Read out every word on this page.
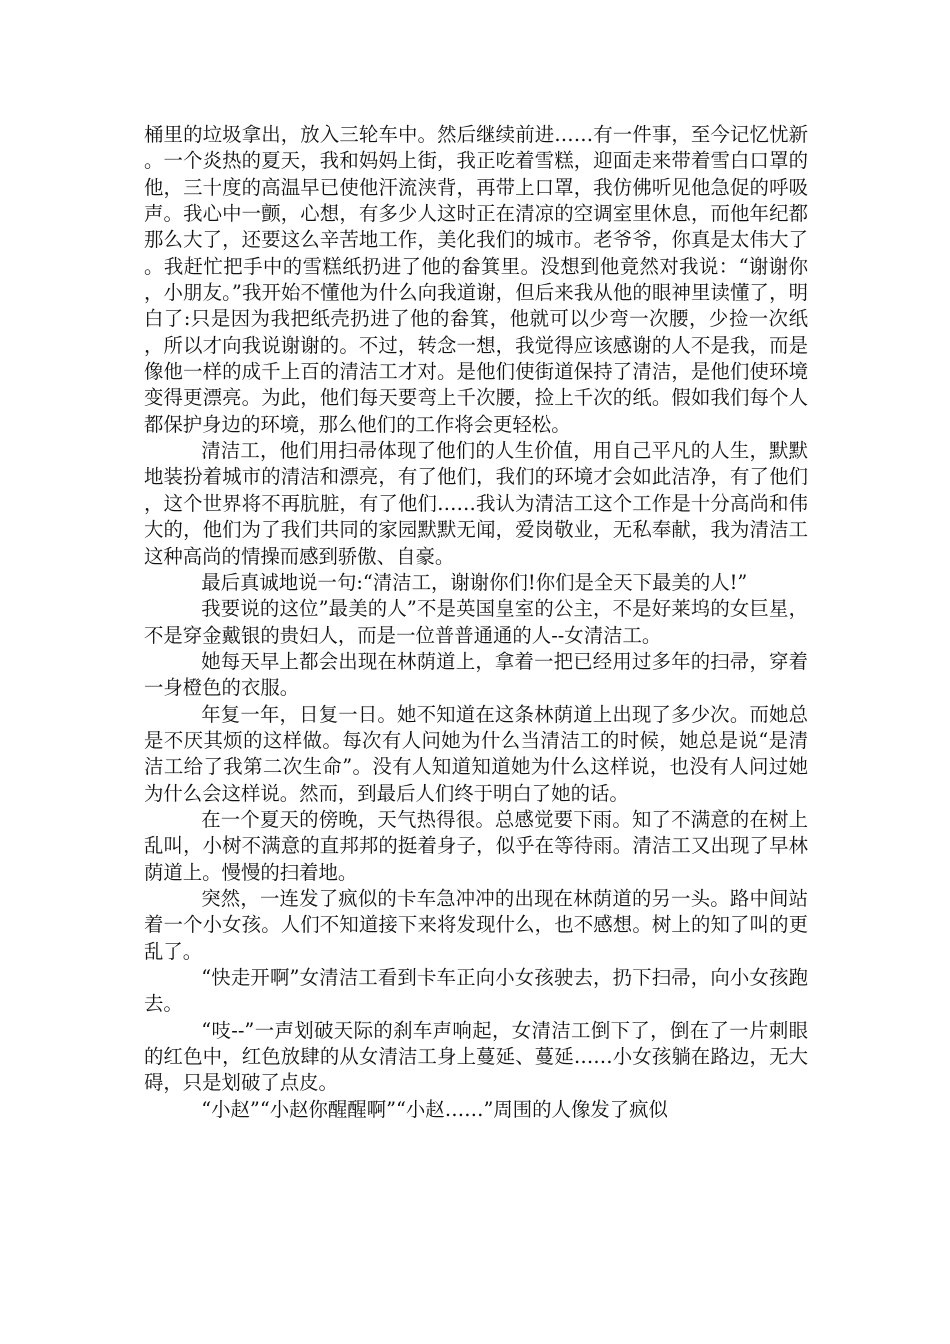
桶里的垃圾拿出，放入三轮车中。然后继续前进……有一件事，至今记忆忧新。一个炎热的夏天，我和妈妈上街，我正吃着雪糕，迎面走来带着雪白口罩的他，三十度的高温早已使他汗流浃背，再带上口罩，我仿佛听见他急促的呼吸声。我心中一颤，心想，有多少人这时正在清凉的空调室里休息，而他年纪都那么大了，还要这么辛苦地工作，美化我们的城市。老爷爷，你真是太伟大了。我赶忙把手中的雪糕纸扔进了他的畚箕里。没想到他竟然对我说：“谢谢你，小朋友。”我开始不懂他为什么向我道谢，但后来我从他的眼神里读懂了，明白了:只是因为我把纸壳扔进了他的畚箕，他就可以少弯一次腰，少捡一次纸，所以才向我说谢谢的。不过，转念一想，我觉得应该感谢的人不是我，而是像他一样的成千上百的清洁工才对。是他们使街道保持了清洁，是他们使环境变得更漂亮。为此，他们每天要弯上千次腰，捡上千次的纸。假如我们每个人都保护身边的环境，那么他们的工作将会更轻松。

清洁工，他们用扫帚体现了他们的人生价值，用自己平凡的人生，默默地装扮着城市的清洁和漂亮，有了他们，我们的环境才会如此洁净，有了他们，这个世界将不再肮脏，有了他们……我认为清洁工这个工作是十分高尚和伟大的，他们为了我们共同的家园默默无闻，爱岗敬业，无私奉献，我为清洁工这种高尚的情操而感到骄傲、自豪。

最后真诚地说一句:“清洁工，谢谢你们!你们是全天下最美的人!”

我要说的这位”最美的人”不是英国皇室的公主，不是好莱坞的女巨星，不是穿金戴银的贵妇人，而是一位普普通通的人--女清洁工。

她每天早上都会出现在林荫道上，拿着一把已经用过多年的扫帚，穿着一身橙色的衣服。

年复一年，日复一日。她不知道在这条林荫道上出现了多少次。而她总是不厌其烦的这样做。每次有人问她为什么当清洁工的时候，她总是说“是清洁工给了我第二次生命”。没有人知道知道她为什么这样说，也没有人问过她为什么会这样说。然而，到最后人们终于明白了她的话。

在一个夏天的傍晚，天气热得很。总感觉要下雨。知了不满意的在树上乱叫，小树不满意的直邦邦的挺着身子，似乎在等待雨。清洁工又出现了早林荫道上。慢慢的扫着地。

突然，一连发了疯似的卡车急冲冲的出现在林荫道的另一头。路中间站着一个小女孩。人们不知道接下来将发现什么，也不感想。树上的知了叫的更乱了。

“快走开啊”女清洁工看到卡车正向小女孩驶去，扔下扫帚，向小女孩跑去。

“吱--”一声划破天际的刹车声响起，女清洁工倒下了，倒在了一片刺眼的红色中，红色放肆的从女清洁工身上蔓延、蔓延……小女孩躺在路边，无大碍，只是划破了点皮。

“小赵”“小赵你醒醒啊”“小赵……”周围的人像发了疯似
